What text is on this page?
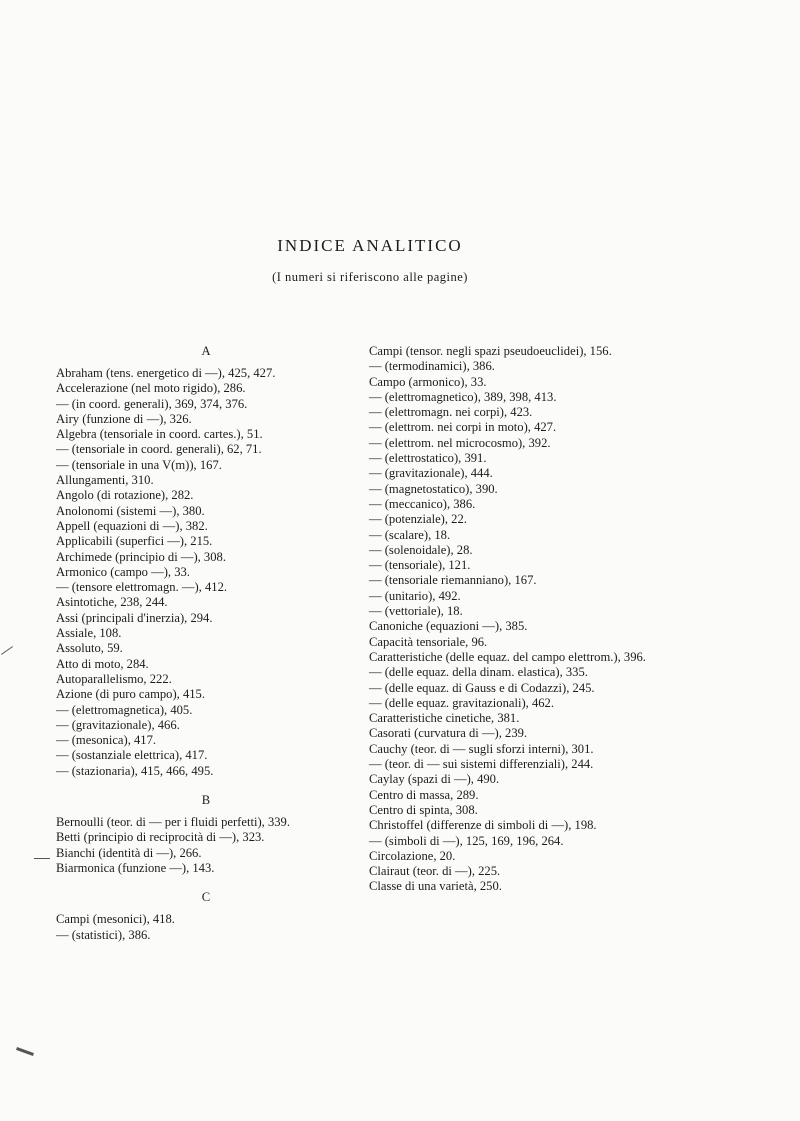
INDICE ANALITICO
(I numeri si riferiscono alle pagine)
A
Abraham (tens. energetico di —), 425, 427.
Accelerazione (nel moto rigido), 286.
— (in coord. generali), 369, 374, 376.
Airy (funzione di —), 326.
Algebra (tensoriale in coord. cartes.), 51.
— (tensoriale in coord. generali), 62, 71.
— (tensoriale in una V(m)), 167.
Allungamenti, 310.
Angolo (di rotazione), 282.
Anolonomi (sistemi —), 380.
Appell (equazioni di —), 382.
Applicabili (superfici —), 215.
Archimede (principio di —), 308.
Armonico (campo —), 33.
— (tensore elettromagn. —), 412.
Asintotiche, 238, 244.
Assi (principali d'inerzia), 294.
Assiale, 108.
Assoluto, 59.
Atto di moto, 284.
Autoparallelismo, 222.
Azione (di puro campo), 415.
— (elettromagnetica), 405.
— (gravitazionale), 466.
— (mesonica), 417.
— (sostanziale elettrica), 417.
— (stazionaria), 415, 466, 495.
B
Bernoulli (teor. di — per i fluidi perfetti), 339.
Betti (principio di reciprocità di —), 323.
Bianchi (identità di —), 266.
Biarmonica (funzione —), 143.
C
Campi (mesonici), 418.
— (statistici), 386.
Campi (tensor. negli spazi pseudoeuclidei), 156.
— (termodinamici), 386.
Campo (armonico), 33.
— (elettromagnetico), 389, 398, 413.
— (elettromagn. nei corpi), 423.
— (elettrom. nei corpi in moto), 427.
— (elettrom. nel microcosmo), 392.
— (elettrostatico), 391.
— (gravitazionale), 444.
— (magnetostatico), 390.
— (meccanico), 386.
— (potenziale), 22.
— (scalare), 18.
— (solenoidale), 28.
— (tensoriale), 121.
— (tensoriale riemanniano), 167.
— (unitario), 492.
— (vettoriale), 18.
Canoniche (equazioni —), 385.
Capacità tensoriale, 96.
Caratteristiche (delle equaz. del campo elettrom.), 396.
— (delle equaz. della dinam. elastica), 335.
— (delle equaz. di Gauss e di Codazzi), 245.
— (delle equaz. gravitazionali), 462.
Caratteristiche cinetiche, 381.
Casorati (curvatura di —), 239.
Cauchy (teor. di — sugli sforzi interni), 301.
— (teor. di — sui sistemi differenziali), 244.
Caylay (spazi di —), 490.
Centro di massa, 289.
Centro di spinta, 308.
Christoffel (differenze di simboli di —), 198.
— (simboli di —), 125, 169, 196, 264.
Circolazione, 20.
Clairaut (teor. di —), 225.
Classe di una varietà, 250.
